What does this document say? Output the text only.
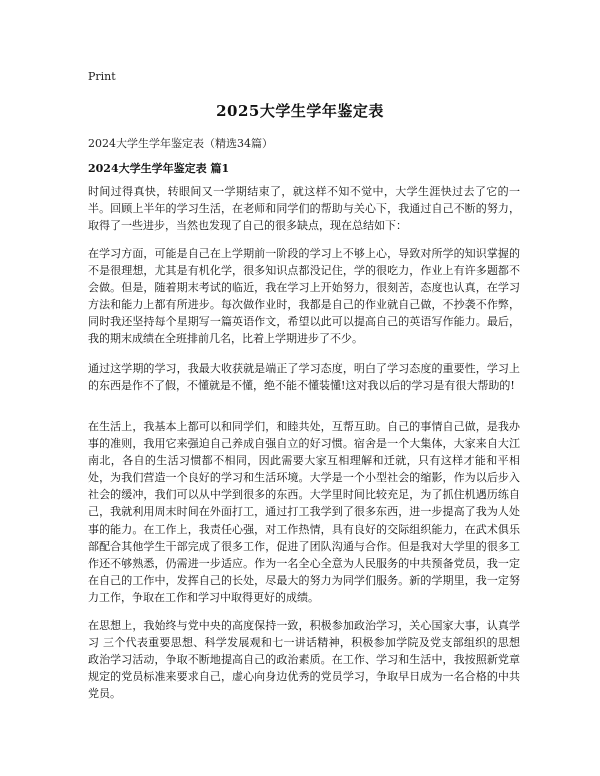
Print
2025大学生学年鉴定表
2024大学生学年鉴定表（精选34篇）
2024大学生学年鉴定表 篇1

时间过得真快，转眼间又一学期结束了，就这样不知不觉中，大学生涯快过去了它的一半。回顾上半年的学习生活，在老师和同学们的帮助与关心下，我通过自己不断的努力，取得了一些进步，当然也发现了自己的很多缺点，现在总结如下：

在学习方面，可能是自己在上学期前一阶段的学习上不够上心，导致对所学的知识掌握的不是很理想，尤其是有机化学，很多知识点都没记住，学的很吃力，作业上有许多题都不会做。但是，随着期末考试的临近，我在学习上开始努力，很刻苦，态度也认真，在学习方法和能力上都有所进步。每次做作业时，我都是自己的作业就自己做，不抄袭不作弊，同时我还坚持每个星期写一篇英语作文，希望以此可以提高自己的英语写作能力。最后，我的期末成绩在全班排前几名，比着上学期进步了不少。

通过这学期的学习，我最大收获就是端正了学习态度，明白了学习态度的重要性，学习上的东西是作不了假，不懂就是不懂，绝不能不懂装懂!这对我以后的学习是有很大帮助的!

在生活上，我基本上都可以和同学们，和睦共处，互帮互助。自己的事情自己做，是我办事的准则，我用它来强迫自己养成自强自立的好习惯。宿舍是一个大集体，大家来自大江南北，各自的生活习惯都不相同，因此需要大家互相理解和迁就，只有这样才能和平相处，为我们营造一个良好的学习和生活环境。大学是一个小型社会的缩影，作为以后步入社会的缓冲，我们可以从中学到很多的东西。大学里时间比较充足，为了抓住机遇历练自己，我就利用周末时间在外面打工，通过打工我学到了很多东西，进一步提高了我为人处事的能力。在工作上，我责任心强，对工作热情，具有良好的交际组织能力，在武术俱乐部配合其他学生干部完成了很多工作，促进了团队沟通与合作。但是我对大学里的很多工作还不够熟悉，仍需进一步适应。作为一名全心全意为人民服务的中共预备党员，我一定在自己的工作中，发挥自己的长处，尽最大的努力为同学们服务。新的学期里，我一定努力工作，争取在工作和学习中取得更好的成绩。

在思想上，我始终与党中央的高度保持一致，积极参加政治学习，关心国家大事，认真学习 三个代表重要思想、科学发展观和七一讲话精神，积极参加学院及党支部组织的思想政治学习活动，争取不断地提高自己的政治素质。在工作、学习和生活中，我按照新党章规定的党员标准来要求自己，虚心向身边优秀的党员学习，争取早日成为一名合格的中共党员。
